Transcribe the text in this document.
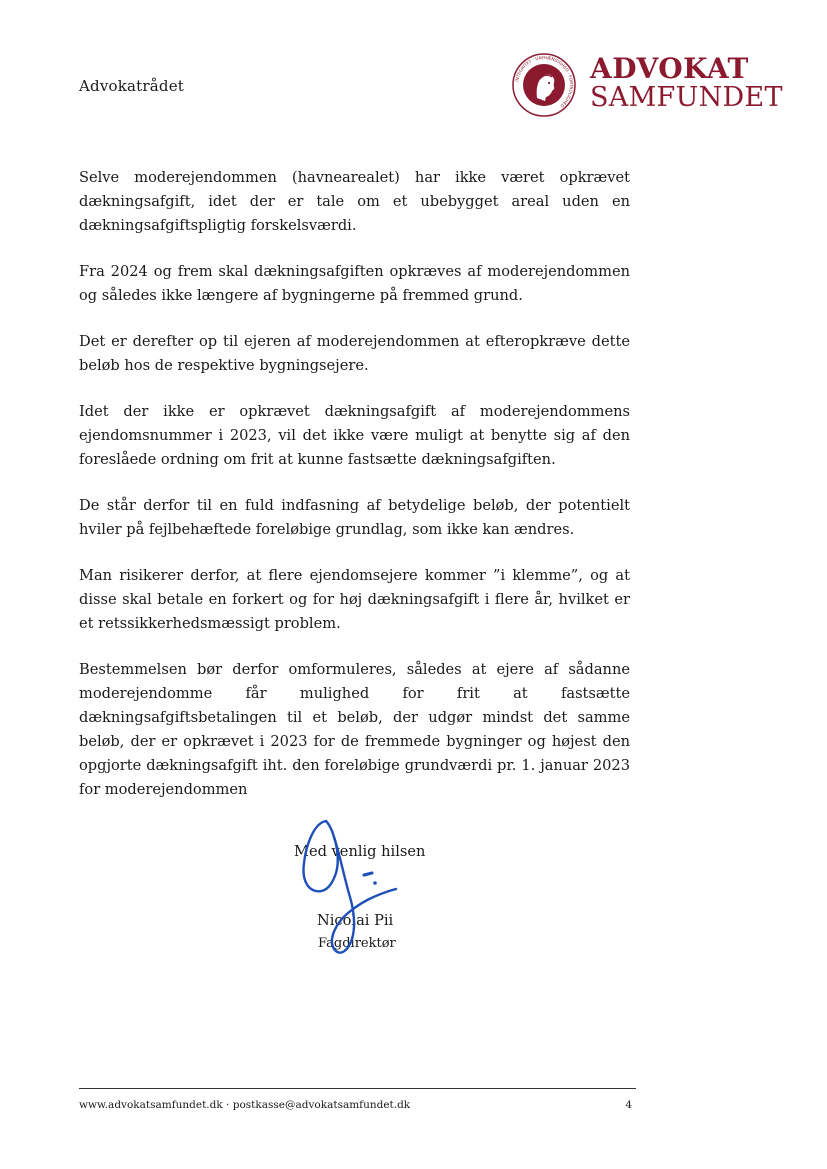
Advokatrådet	INTEGRITET · UAFHÆNGIGHED · FORTROLIGHED
ADVOKAT
SAMFUNDET

Selve moderejendommen (havnearealet) har ikke været opkrævet dækningsafgift, idet der er tale om et ubebygget areal uden en dækningsafgiftspligtig forskelsværdi.

Fra 2024 og frem skal dækningsafgiften opkræves af moderejendommen og således ikke længere af bygningerne på fremmed grund.

Det er derefter op til ejeren af moderejendommen at efteropkræve dette beløb hos de respektive bygningsejere.

Idet der ikke er opkrævet dækningsafgift af moderejendommens ejendomsnummer i 2023, vil det ikke være muligt at benytte sig af den foreslåede ordning om frit at kunne fastsætte dækningsafgiften.

De står derfor til en fuld indfasning af betydelige beløb, der potentielt hviler på fejlbehæftede foreløbige grundlag, som ikke kan ændres.

Man risikerer derfor, at flere ejendomsejere kommer ”i klemme”, og at disse skal betale en forkert og for høj dækningsafgift i flere år, hvilket er et retssikkerhedsmæssigt problem.

Bestemmelsen bør derfor omformuleres, således at ejere af sådanne moderejendomme får mulighed for frit at fastsætte dækningsafgiftsbetalingen til et beløb, der udgør mindst det samme beløb, der er opkrævet i 2023 for de fremmede bygninger og højest den opgjorte dækningsafgift iht. den foreløbige grundværdi pr. 1. januar 2023 for moderejendommen

Med venlig hilsen
Nicolai Pii
Fagdirektør
www.advokatsamfundet.dk · postkasse@advokatsamfundet.dk	4
